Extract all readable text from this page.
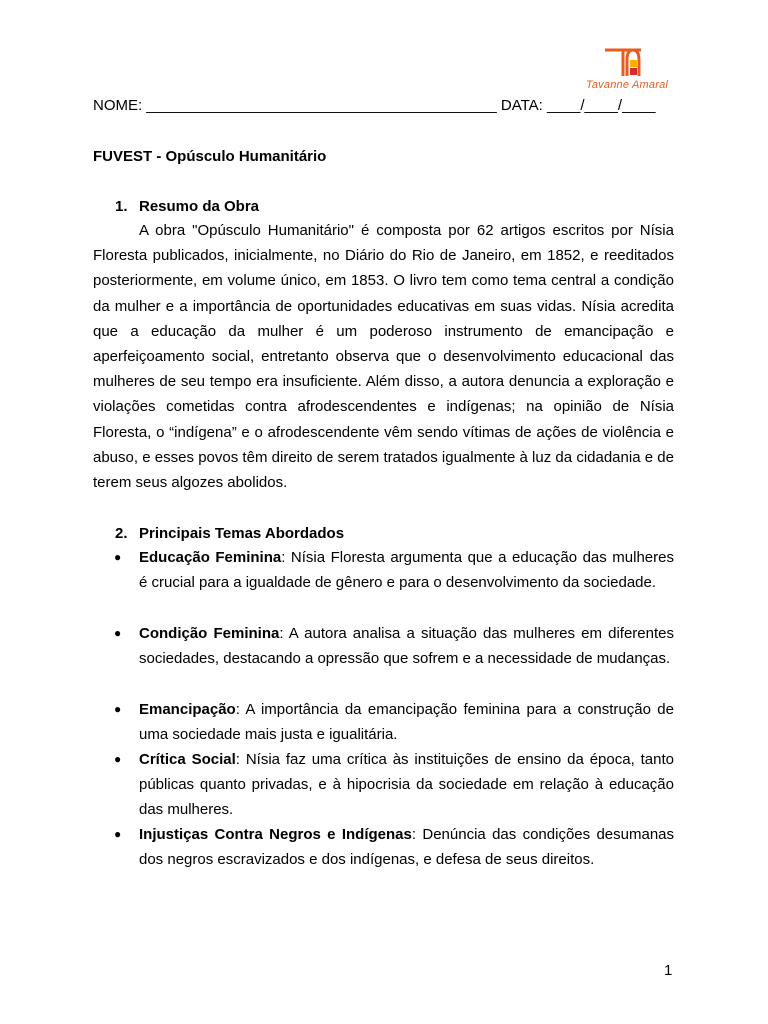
Tavanne Amaral
NOME: __________________________________________ DATA: ____/____/____
FUVEST - Opúsculo Humanitário
1. Resumo da Obra

A obra "Opúsculo Humanitário" é composta por 62 artigos escritos por Nísia Floresta publicados, inicialmente, no Diário do Rio de Janeiro, em 1852, e reeditados posteriormente, em volume único, em 1853. O livro tem como tema central a condição da mulher e a importância de oportunidades educativas em suas vidas. Nísia acredita que a educação da mulher é um poderoso instrumento de emancipação e aperfeiçoamento social, entretanto observa que o desenvolvimento educacional das mulheres de seu tempo era insuficiente. Além disso, a autora denuncia a exploração e violações cometidas contra afrodescendentes e indígenas; na opinião de Nísia Floresta, o “indígena” e o afrodescendente vêm sendo vítimas de ações de violência e abuso, e esses povos têm direito de serem tratados igualmente à luz da cidadania e de terem seus algozes abolidos.

2. Principais Temas Abordados
● Educação Feminina: Nísia Floresta argumenta que a educação das mulheres é crucial para a igualdade de gênero e para o desenvolvimento da sociedade.

● Condição Feminina: A autora analisa a situação das mulheres em diferentes sociedades, destacando a opressão que sofrem e a necessidade de mudanças.

● Emancipação: A importância da emancipação feminina para a construção de uma sociedade mais justa e igualitária.

● Crítica Social: Nísia faz uma crítica às instituições de ensino da época, tanto públicas quanto privadas, e à hipocrisia da sociedade em relação à educação das mulheres.

● Injustiças Contra Negros e Indígenas: Denúncia das condições desumanas dos negros escravizados e dos indígenas, e defesa de seus direitos.

1
